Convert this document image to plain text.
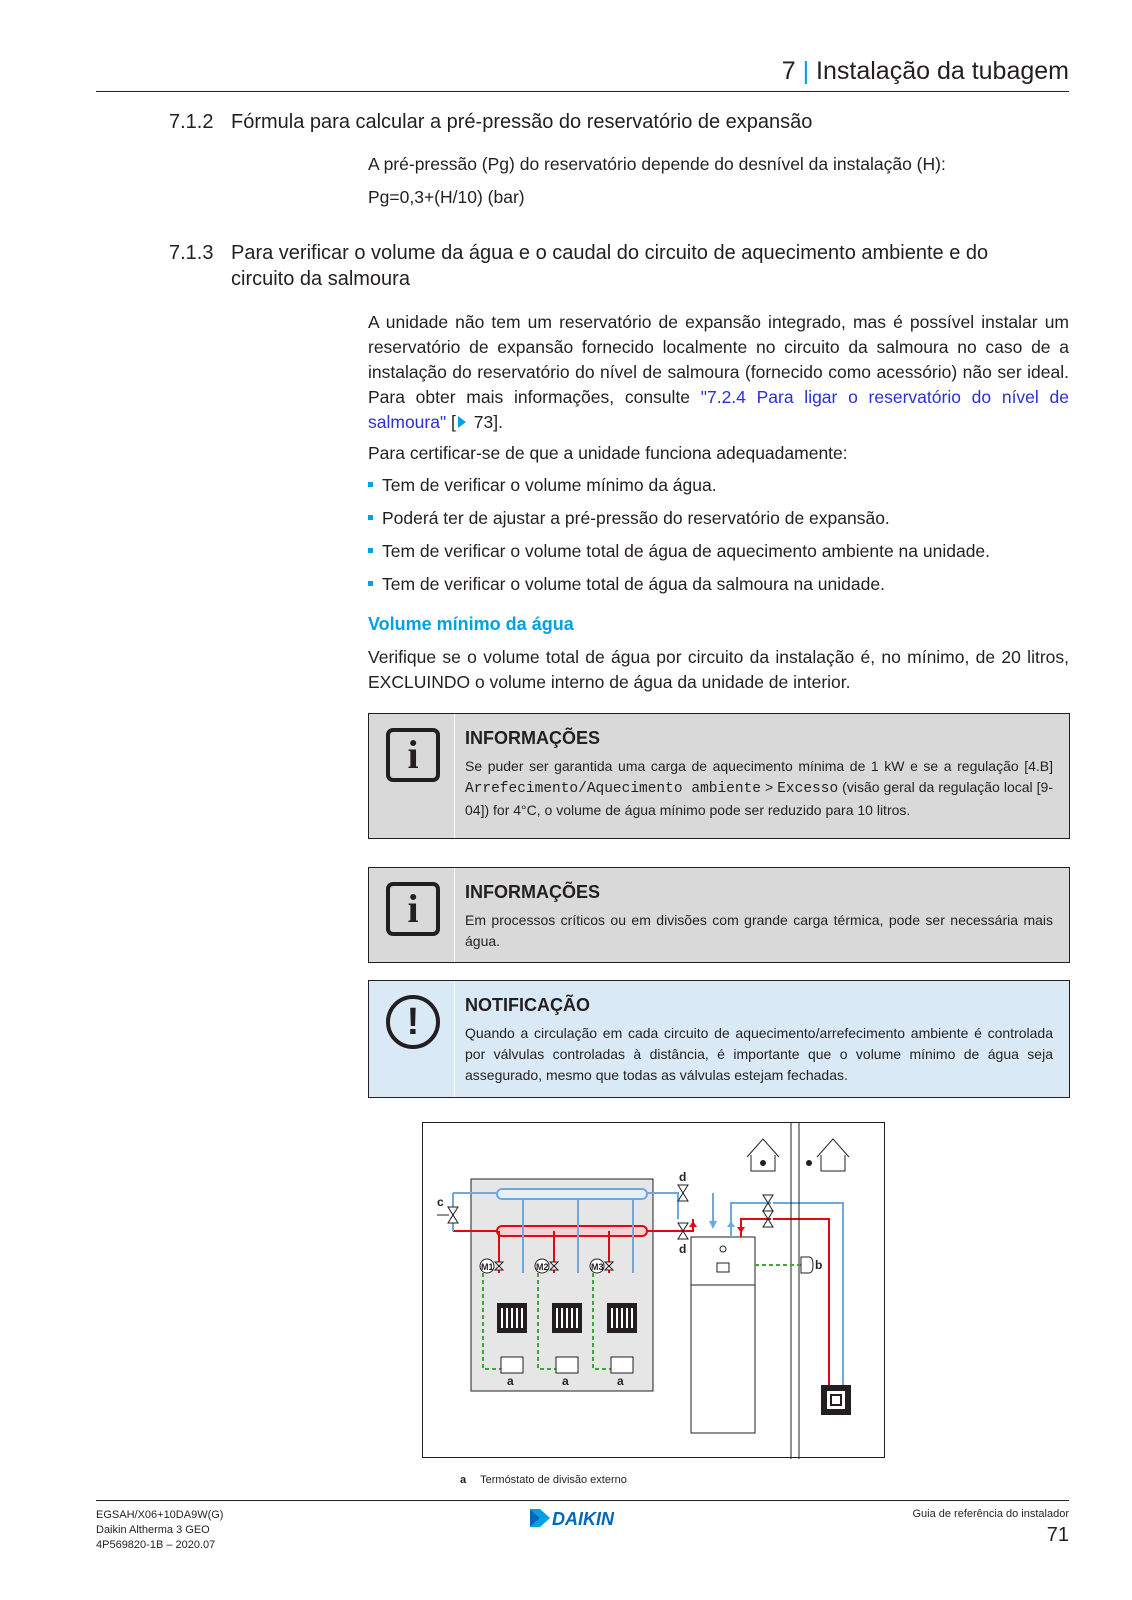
7 | Instalação da tubagem
7.1.2 Fórmula para calcular a pré-pressão do reservatório de expansão

A pré-pressão (Pg) do reservatório depende do desnível da instalação (H):

Pg=0,3+(H/10) (bar)

7.1.3 Para verificar o volume da água e o caudal do circuito de aquecimento ambiente e do
circuito da salmoura

A unidade não tem um reservatório de expansão integrado, mas é possível instalar um reservatório de expansão fornecido localmente no circuito da salmoura no caso de a instalação do reservatório do nível de salmoura (fornecido como acessório) não ser ideal. Para obter mais informações, consulte "7.2.4 Para ligar o reservatório do nível de salmoura" [ 73].

Para certificar-se de que a unidade funciona adequadamente:

Tem de verificar o volume mínimo da água.
Poderá ter de ajustar a pré-pressão do reservatório de expansão.
Tem de verificar o volume total de água de aquecimento ambiente na unidade.
Tem de verificar o volume total de água da salmoura na unidade.
Volume mínimo da água

Verifique se o volume total de água por circuito da instalação é, no mínimo, de 20 litros, EXCLUINDO o volume interno de água da unidade de interior.

i	INFORMAÇÕES
Se puder ser garantida uma carga de aquecimento mínima de 1 kW e se a regulação [4.B] Arrefecimento/Aquecimento ambiente > Excesso (visão geral da regulação local [9-04]) for 4°C, o volume de água mínimo pode ser reduzido para 10 litros.
i	INFORMAÇÕES
Em processos críticos ou em divisões com grande carga térmica, pode ser necessária mais água.
!	NOTIFICAÇÃO
Quando a circulação em cada circuito de aquecimento/arrefecimento ambiente é controlada por válvulas controladas à distância, é importante que o volume mínimo de água seja assegurado, mesmo que todas as válvulas estejam fechadas.
c
M1
a
M2
a
M3
a
d
d
b
a Termóstato de divisão externo
EGSAH/X06+10DA9W(G)
Daikin Altherma 3 GEO
4P569820-1B – 2020.07
DAIKIN	Guia de referência do instalador
71
